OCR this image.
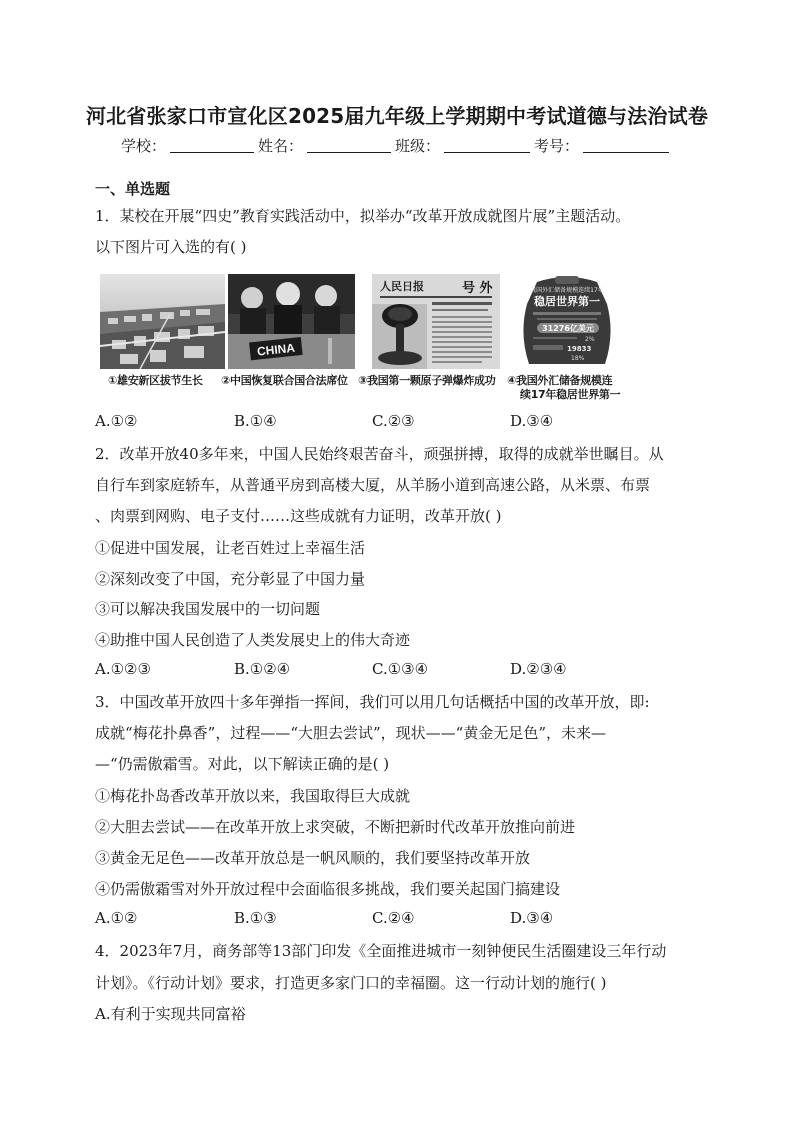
河北省张家口市宣化区2025届九年级上学期期中考试道德与法治试卷
学校：	姓名：	班级：	考号：
一、单选题
1．某校在开展“四史”教育实践活动中，拟举办“改革开放成就图片展”主题活动。
以下图片可入选的有( )
CHINA
人民日报	号 外	我国外汇储备规模连续17年
稳居世界第一
31276亿美元
2%
19833
18%
①雄安新区拔节生长 ②中国恢复联合国合法席位 ③我国第一颗原子弹爆炸成功 ④我国外汇储备规模连
续17年稳居世界第一
A.①②	B.①④	C.②③	D.③④
2．改革开放40多年来，中国人民始终艰苦奋斗，顽强拼搏，取得的成就举世瞩目。从
自行车到家庭轿车，从普通平房到高楼大厦，从羊肠小道到高速公路，从米票、布票
、肉票到网购、电子支付……这些成就有力证明，改革开放( )
①促进中国发展，让老百姓过上幸福生活
②深刻改变了中国，充分彰显了中国力量
③可以解决我国发展中的一切问题
④助推中国人民创造了人类发展史上的伟大奇迹
A.①②③	B.①②④	C.①③④	D.②③④
3．中国改革开放四十多年弹指一挥间，我们可以用几句话概括中国的改革开放，即:
成就“梅花扑鼻香”，过程——“大胆去尝试”，现状——“黄金无足色”，未来—
—“仍需傲霜雪。对此，以下解读正确的是( )
①梅花扑岛香改革开放以来，我国取得巨大成就
②大胆去尝试——在改革开放上求突破，不断把新时代改革开放推向前进
③黄金无足色——改革开放总是一帆风顺的，我们要坚持改革开放
④仍需傲霜雪对外开放过程中会面临很多挑战，我们要关起国门搞建设
A.①②	B.①③	C.②④	D.③④
4．2023年7月，商务部等13部门印发《全面推进城市一刻钟便民生活圈建设三年行动
计划》。《行动计划》要求，打造更多家门口的幸福圈。这一行动计划的施行( )
A.有利于实现共同富裕
